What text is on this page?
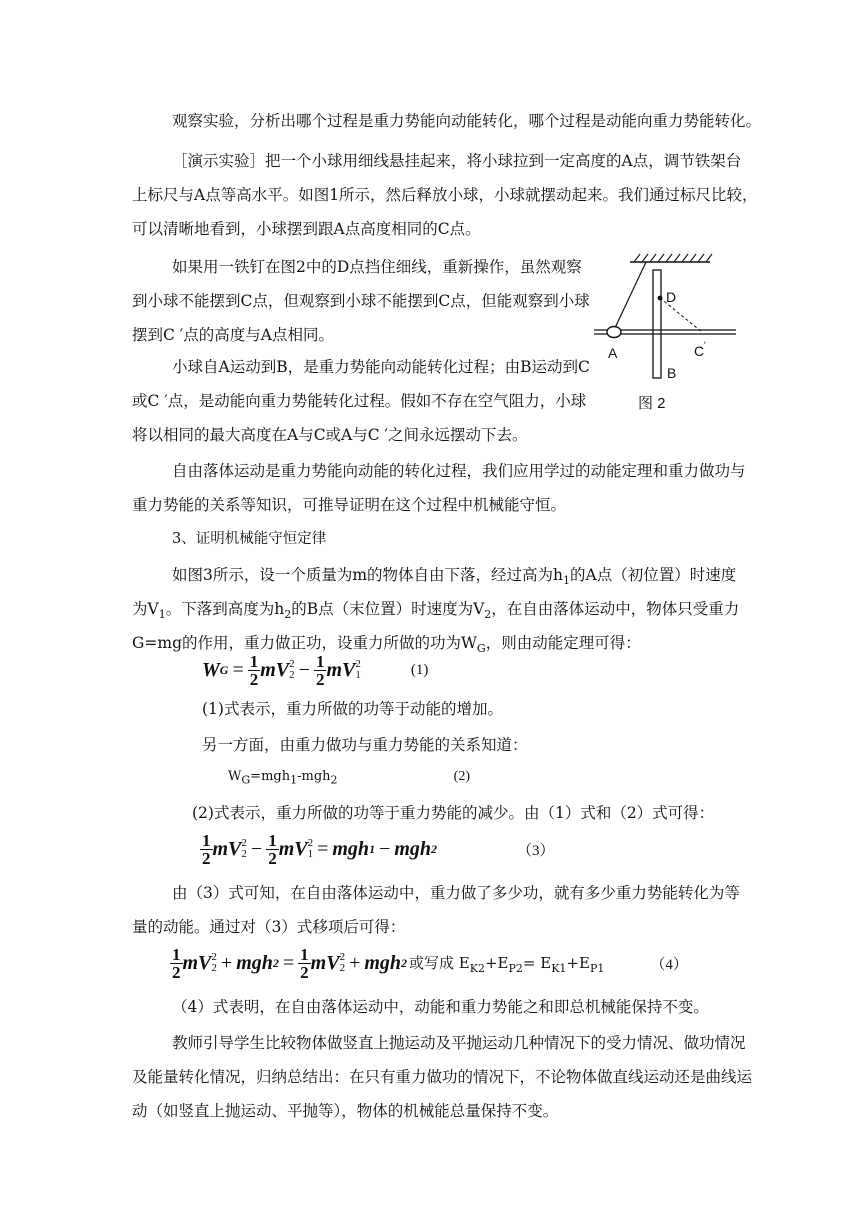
观察实验，分析出哪个过程是重力势能向动能转化，哪个过程是动能向重力势能转化。

［演示实验］把一个小球用细线悬挂起来，将小球拉到一定高度的A点，调节铁架台

上标尺与A点等高水平。如图1所示，然后释放小球，小球就摆动起来。我们通过标尺比较，

可以清晰地看到，小球摆到跟A点高度相同的C点。

如果用一铁钉在图2中的D点挡住细线，重新操作，虽然观察

到小球不能摆到C点，但观察到小球不能摆到C点，但能观察到小球

摆到C ′点的高度与A点相同。

小球自A运动到B，是重力势能向动能转化过程；由B运动到C

或C ′点，是动能向重力势能转化过程。假如不存在空气阻力，小球

将以相同的最大高度在A与C或A与C ′之间永远摆动下去。

D
A	C ′
B
图 2

自由落体运动是重力势能向动能的转化过程，我们应用学过的动能定理和重力做功与

重力势能的关系等知识，可推导证明在这个过程中机械能守恒。

3、证明机械能守恒定律

如图3所示，设一个质量为m的物体自由下落，经过高为$h_1$的A点（初位置）时速度

为$V_1$。下落到高度为$h_2$的B点（末位置）时速度为$V_2$，在自由落体运动中，物体只受重力

G=mg的作用，重力做正功，设重力所做的功为$W_G$，则由动能定理可得：

W $G = \frac{1}{2}$ mV 2
$2 - \frac{1}{2}$ mV 2
1	(1)

(1)式表示，重力所做的功等于动能的增加。

另一方面，由重力做功与重力势能的关系知道：

$W_G=mgh_1-mgh_2$	(2)

(2)式表示，重力所做的功等于重力势能的减少。由（1）式和（2）式可得：

$\frac{1}{2}$ mV 2
$2 - \frac{1}{2}$ mV 2
1 = mgh 1 − mgh 2	（3）

由（3）式可知，在自由落体运动中，重力做了多少功，就有多少重力势能转化为等

量的动能。通过对（3）式移项后可得：

$\frac{1}{2}$ mV 2
2 + mgh $2 = \frac{1}{2}$ mV 2
2 + mgh 2 或写成 $E_{K2}+E_{P2}= E_{K1}+E_{P1}$	（4）

（4）式表明，在自由落体运动中，动能和重力势能之和即总机械能保持不变。

教师引导学生比较物体做竖直上抛运动及平抛运动几种情况下的受力情况、做功情况

及能量转化情况，归纳总结出：在只有重力做功的情况下，不论物体做直线运动还是曲线运

动（如竖直上抛运动、平抛等），物体的机械能总量保持不变。
